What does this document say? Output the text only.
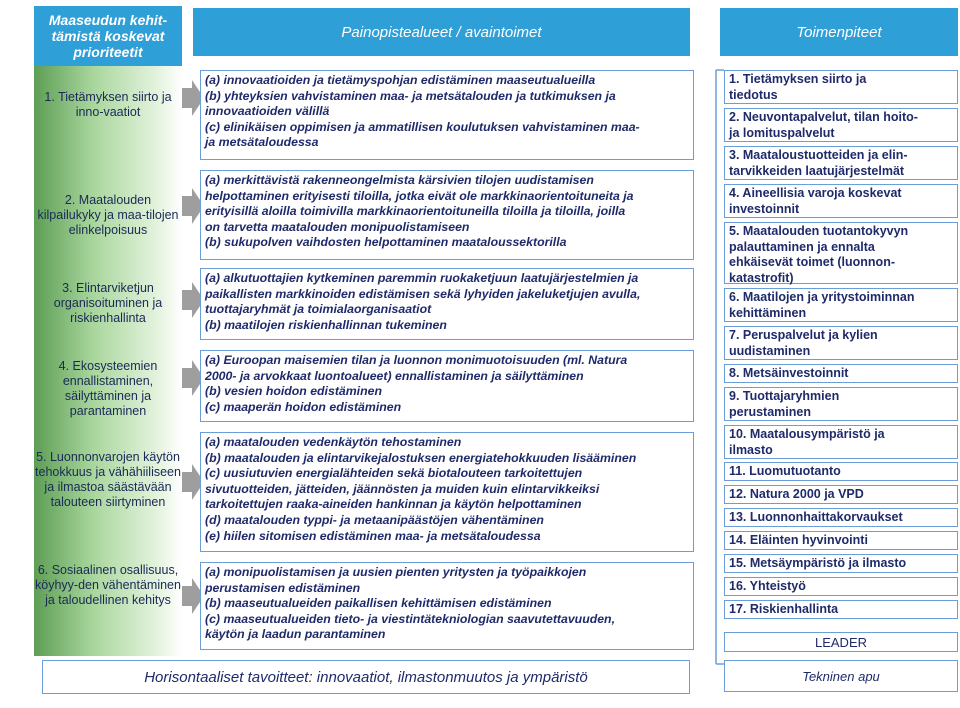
Maaseudun kehit-tämistä koskevat prioriteetit
Painopistealueet / avaintoimet	Toimenpiteet
1. Tietämyksen siirto ja inno-vaatiot
2. Maatalouden kilpailukyky ja maa-tilojen elinkelpoisuus
3. Elintarviketjun organisoituminen ja riskienhallinta
4. Ekosysteemien ennallistaminen, säilyttäminen ja parantaminen
5. Luonnonvarojen käytön tehokkuus ja vähähiiliseen ja ilmastoa säästävään talouteen siirtyminen
6. Sosiaalinen osallisuus, köyhyy-den vähentäminen ja taloudellinen kehitys
(a) innovaatioiden ja tietämyspohjan edistäminen maaseutualueilla
(b) yhteyksien vahvistaminen maa- ja metsätalouden ja tutkimuksen ja
innovaatioiden välillä
(c) elinikäisen oppimisen ja ammatillisen koulutuksen vahvistaminen maa-
ja metsätaloudessa
(a) merkittävistä rakenneongelmista kärsivien tilojen uudistamisen
helpottaminen erityisesti tiloilla, jotka eivät ole markkinaorientoituneita ja
erityisillä aloilla toimivilla markkinaorientoituneilla tiloilla ja tiloilla, joilla
on tarvetta maatalouden monipuolistamiseen
(b) sukupolven vaihdosten helpottaminen maataloussektorilla
(a) alkutuottajien kytkeminen paremmin ruokaketjuun laatujärjestelmien ja
paikallisten markkinoiden edistämisen sekä lyhyiden jakeluketjujen avulla,
tuottajaryhmät ja toimialaorganisaatiot
(b) maatilojen riskienhallinnan tukeminen
(a) Euroopan maisemien tilan ja luonnon monimuotoisuuden (ml. Natura
2000- ja arvokkaat luontoalueet) ennallistaminen ja säilyttäminen
(b) vesien hoidon edistäminen
(c) maaperän hoidon edistäminen
(a) maatalouden vedenkäytön tehostaminen
(b) maatalouden ja elintarvikejalostuksen energiatehokkuuden lisääminen
(c) uusiutuvien energialähteiden sekä biotalouteen tarkoitettujen
sivutuotteiden, jätteiden, jäännösten ja muiden kuin elintarvikkeiksi
tarkoitettujen raaka-aineiden hankinnan ja käytön helpottaminen
(d) maatalouden typpi- ja metaanipäästöjen vähentäminen
(e) hiilen sitomisen edistäminen maa- ja metsätaloudessa
(a) monipuolistamisen ja uusien pienten yritysten ja työpaikkojen
perustamisen edistäminen
(b) maaseutualueiden paikallisen kehittämisen edistäminen
(c) maaseutualueiden tieto- ja viestintätekniologian saavutettavuuden,
käytön ja laadun parantaminen
1. Tietämyksen siirto ja
tiedotus
2. Neuvontapalvelut, tilan hoito-
ja lomituspalvelut
3. Maataloustuotteiden ja elin-
tarvikkeiden laatujärjestelmät
4. Aineellisia varoja koskevat
investoinnit
5. Maatalouden tuotantokyvyn
palauttaminen ja ennalta
ehkäisevät toimet (luonnon-
katastrofit)
6. Maatilojen ja yritystoiminnan
kehittäminen
7. Peruspalvelut ja kylien
uudistaminen
8. Metsäinvestoinnit
9. Tuottajaryhmien
perustaminen
10. Maatalousympäristö ja
ilmasto
11. Luomutuotanto
12. Natura 2000 ja VPD
13. Luonnonhaittakorvaukset
14. Eläinten hyvinvointi
15. Metsäympäristö ja ilmasto
16. Yhteistyö
17. Riskienhallinta
LEADER
Horisontaaliset tavoitteet: innovaatiot, ilmastonmuutos ja ympäristö	Tekninen apu
